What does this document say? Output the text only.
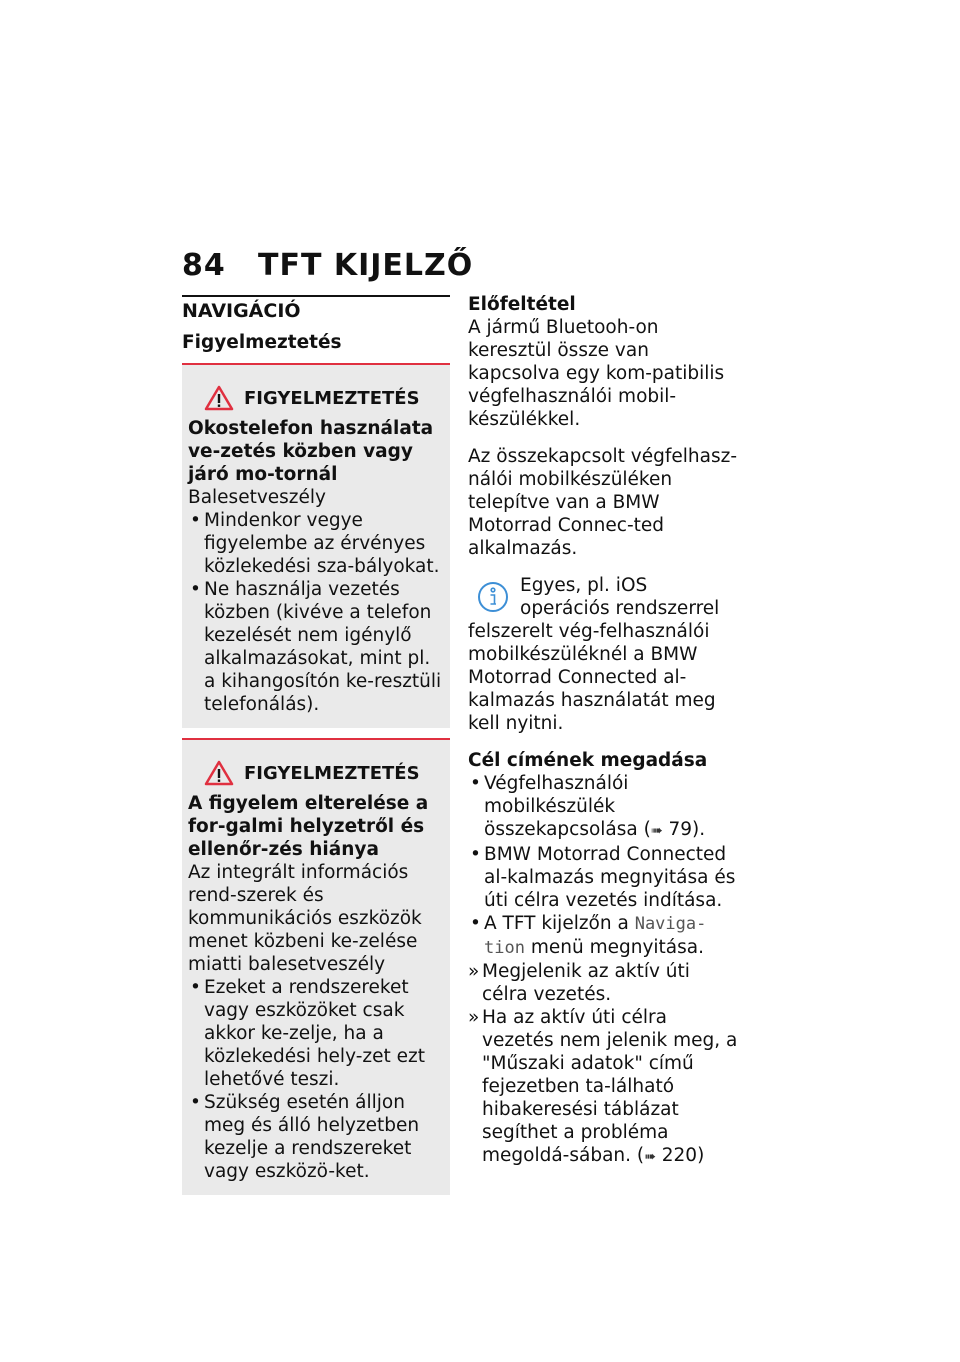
84 TFT KIJELZŐ
NAVIGÁCIÓ
Figyelmeztetés
FIGYELMEZTETÉS
Okostelefon használata ve-zetés közben vagy járó mo-tornál
Balesetveszély
• Mindenkor vegye figyelembe az érvényes közlekedési sza-bályokat.
• Ne használja vezetés közben (kivéve a telefon kezelését nem igénylő alkalmazásokat, mint pl. a kihangosítón ke-resztüli telefonálás).
FIGYELMEZTETÉS
A figyelem elterelése a for-galmi helyzetről és ellenőr-zés hiánya
Az integrált információs rend-szerek és kommunikációs eszközök menet közbeni ke-zelése miatti balesetveszély
• Ezeket a rendszereket vagy eszközöket csak akkor ke-zelje, ha a közlekedési hely-zet ezt lehetővé teszi.
• Szükség esetén álljon meg és álló helyzetben kezelje a rendszereket vagy eszközö-ket.
Előfeltétel
A jármű Bluetooh-on keresztül össze van kapcsolva egy kom-patibilis végfelhasználói mobil-készülékkel.
Az összekapcsolt végfelhasz-nálói mobilkészüléken telepítve van a BMW Motorrad Connec-ted alkalmazás.
Egyes, pl. iOS operációs rendszerrel felszerelt vég-felhasználói mobilkészüléknél a BMW Motorrad Connected al-kalmazás használatát meg kell nyitni.
Cél címének megadása
• Végfelhasználói mobilkészülék összekapcsolása (➠ 79).
• BMW Motorrad Connected al-kalmazás megnyitása és úti célra vezetés indítása.
• A TFT kijelzőn a Naviga-tion menü megnyitása.
» Megjelenik az aktív úti célra vezetés.
» Ha az aktív úti célra vezetés nem jelenik meg, a "Műszaki adatok" című fejezetben ta-lálható hibakeresési táblázat segíthet a probléma megoldá-sában. (➠ 220)
